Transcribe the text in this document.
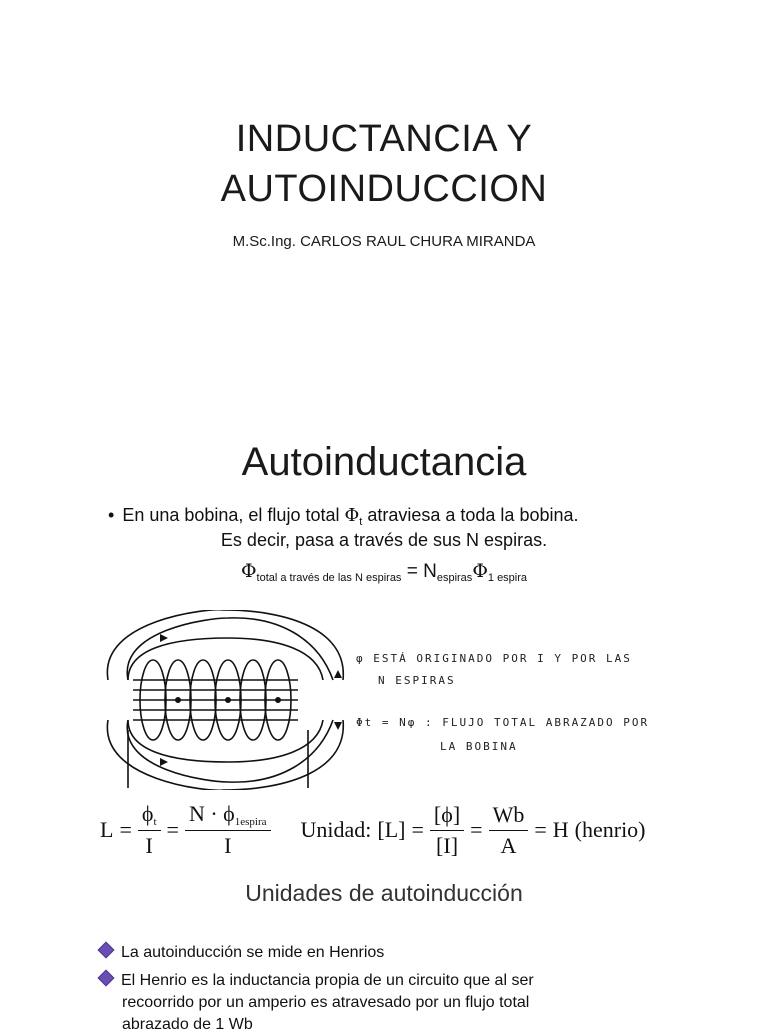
INDUCTANCIA Y
AUTOINDUCCION
M.Sc.Ing. CARLOS RAUL CHURA MIRANDA
Autoinductancia
• En una bobina, el flujo total $\Phi_t$ atraviesa a toda la bobina.
Es decir, pasa a través de sus N espiras.
$\Phi_{total a través de las N espiras} = N_{espiras}\Phi_{1 espira}$
φ ESTÁ ORIGINADO POR I Y POR LAS
N ESPIRAS
Φt = Nφ : FLUJO TOTAL ABRAZADO POR
LA BOBINA
$L = \frac{\phi_t}{I} = \frac{N \cdot \phi_{1espira}}{I}$ Unidad: $[L] = \frac{[\phi]}{[I]} = \frac{Wb}{A} = H$ (henrio)
Unidades de autoinducción
La autoinducción se mide en Henrios
El Henrio es la inductancia propia de un circuito que al ser
recoorrido por un amperio es atravesado por un flujo total
abrazado de 1 Wb
